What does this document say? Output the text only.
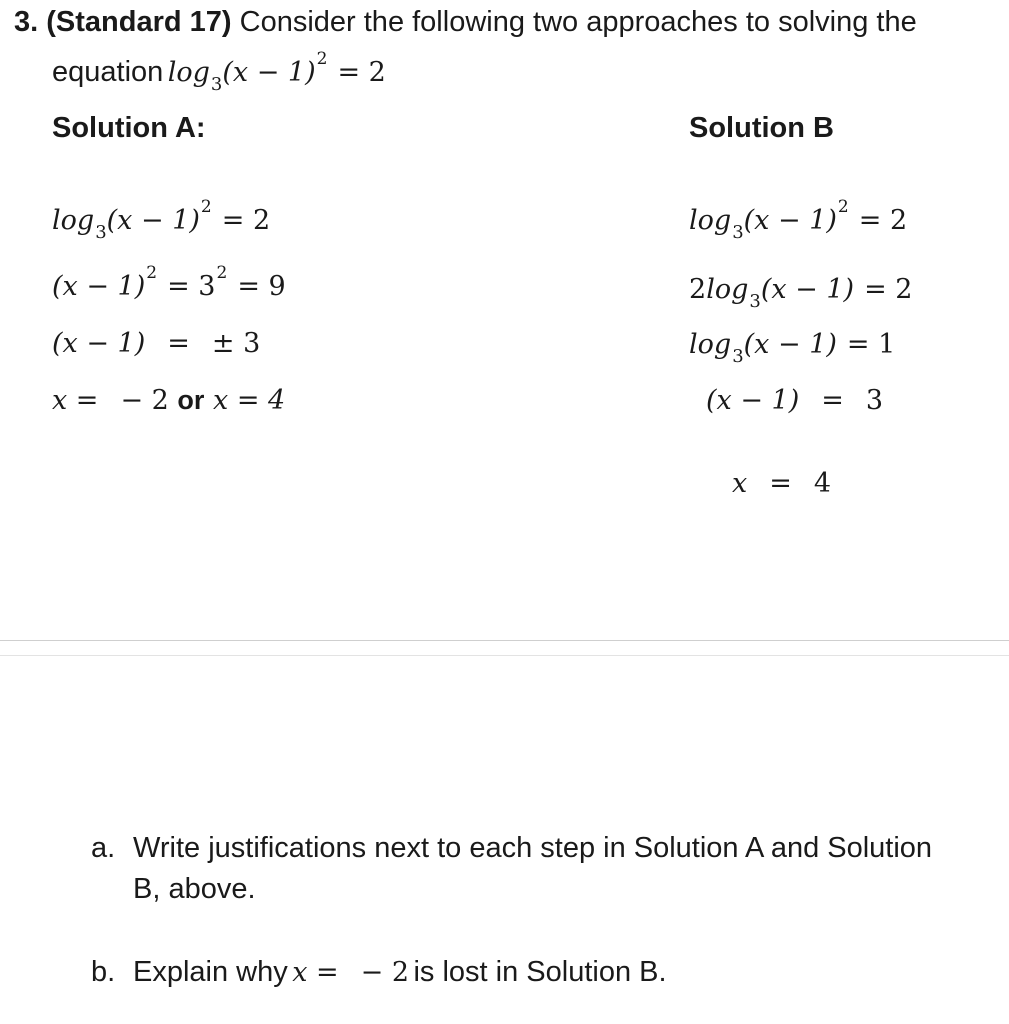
3. (Standard 17) Consider the following two approaches to solving the
equation $\log_3(x - 1)^2 = 2$
Solution A:	Solution B
$\log_3(x - 1)^2 = 2$
$(x - 1)^2 = 3^2 = 9$
(x − 1) = ± 3
x = − 2 or x = 4
$\log_3(x - 1)^2 = 2$
$2\log_3(x - 1) = 2$
$\log_3(x - 1) = 1$
(x − 1) = 3
x = 4
a. Write justifications next to each step in Solution A and Solution
B, above.
b. Explain why x = − 2 is lost in Solution B.
